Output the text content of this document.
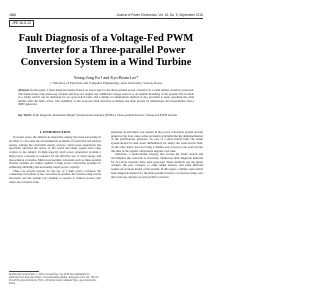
1866	Journal of Power Electronics, Vol. 16, No. 5, September 2016
JPE 16-5-13
Fault Diagnosis of a Voltage-Fed PWM Inverter for a Three-parallel Power Conversion System in a Wind Turbine
Young-Jong Ko† and Kyo-Beum Lee*
†,*Division of Electrical and Computer Engineering, Ajou University, Suwon, Korea
Abstract In this paper, a fault diagnosis method based on lower legs for the three-parallel power converter in a wind turbine system is proposed. The method uses only phase-leg currents and does not require any additional voltage sensors or an explicit modeling of the system. The location of a faulty switch can be indicated for an open-switch fault, and a simple reconfiguration method is also provided to keep operating the wind turbine after the fault occurs. The reliability of the proposed fault detection technique has been proven by simulations and experiments with a 3MW generator.
Key Words: Fault diagnosis, Permanent Magnet Synchronous Generator (PMSG), Three-parallel inverter, Voltage-fed PWM inverter
I. INTRODUCTION

In recent years, the interest in renewable energy has been increasing in an effort to overcome the environmental problems of fossil fuel and nuclear energy. Among the renewable energy sources, wind power generation has especially attracted the notice of the world and many papers have been written on the subject. In high-capacity wind power generation systems a high power converter is required for the effective use of wind energy and the technical evolution. Multi-level parallel converters such as three-parallel inverter systems are widely applied to high power conversion systems for enhancing reliability and increasing output power capacity.

There are several reasons for the use of a high power converter. By connecting each phase of the converters in parallel, the current rating can be increased, and the system can continue to operate at reduced power even when one converter fails.

generates an abnormal over-current in the power conversion system and the generator but does cause some secondary problems like the demagnetization of the synchronous generator. In case of a short-switch fault, the entire system should be shut down immediately for safety. An open-switch fault, on the other hand, does not bring a sudden stop; however, the load and the life time of the system components degrade over time.

Therefore, a fault-tolerant strategy that locates the faulty switch and reconfigures the converter is necessary. Numerous fault diagnosis methods for two-level inverters have been proposed. These methods use the phase currents, the pole voltages, or other added sensors, and some methods require an accurate model of the system. In this paper, a simple open-switch fault diagnosis method for the three-parallel inverter is proposed using only the lower-leg currents of each parallel converter.

Manuscript received Feb. 1, 2016; accepted Apr. 26, 2016. Recommended for publication by Associate Editor. †Corresponding Author: kyl@ajou.ac.kr, Tel: +82-31-219-2376, Ajou University. *Div. of Electrical and Computer Eng., Ajou University, Korea
